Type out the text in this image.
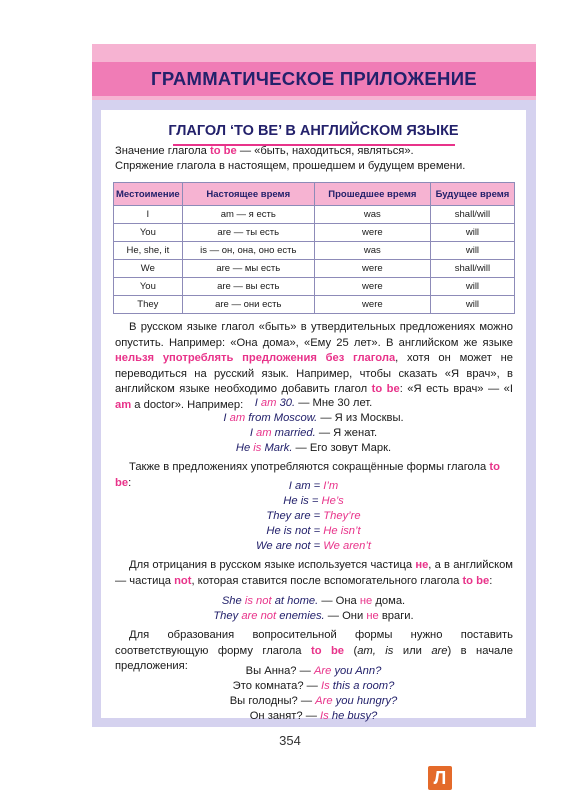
ГРАММАТИЧЕСКОЕ ПРИЛОЖЕНИЕ
ГЛАГОЛ ‘TO BE’ В АНГЛИЙСКОМ ЯЗЫКЕ
Значение глагола to be — «быть, находиться, являться».
Спряжение глагола в настоящем, прошедшем и будущем времени.
Местоимение	Настоящее время	Прошедшее время	Будущее время
I	am — я есть	was	shall/will
You	are — ты есть	were	will
He, she, it	is — он, она, оно есть	was	will
We	are — мы есть	were	shall/will
You	are — вы есть	were	will
They	are — они есть	were	will
В русском языке глагол «быть» в утвердительных предложениях можно опустить. Например: «Она дома», «Ему 25 лет». В английском же языке нельзя употреблять предложения без глагола, хотя он может не переводиться на русский язык. Например, чтобы сказать «Я врач», в английском языке необходимо добавить глагол to be: «Я есть врач» — «I am a doctor». Например:	I am 30. — Мне 30 лет.
I am from Moscow. — Я из Москвы.
I am married. — Я женат.
He is Mark. — Его зовут Марк.
Также в предложениях употребляются сокращённые формы глагола to be:	I am = I’m
He is = He’s
They are = They’re
He is not = He isn’t
We are not = We aren’t
Для отрицания в русском языке используется частица не, а в английском — частица not, которая ставится после вспомогательного глагола to be:
She is not at home. — Она не дома.
They are not enemies. — Они не враги.
Для образования вопросительной формы нужно поставить соответствующую форму глагола to be (am, is или are) в начале предложения:	Вы Анна? — Are you Ann?
Это комната? — Is this a room?
Вы голодны? — Are you hungry?
Он занят? — Is he busy?
354
Л
